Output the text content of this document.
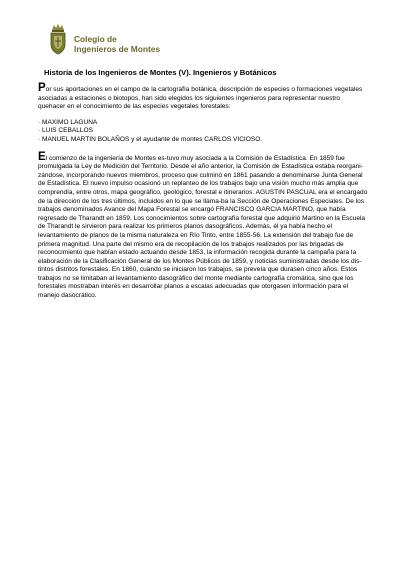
Colegio de
Ingenieros de Montes
Historia de los Ingenieros de Montes (V). Ingenieros y Botánicos

Por sus aportaciones en el campo de la cartografía botánica, descripción de especies o formaciones vegetales asociadas a estaciones o biotopos, han sido elegidos los siguientes ingenieros para representar nuestro quehacer en el conocimiento de las especies vegetales forestales:

· MAXIMO LAGUNA
· LUIS CEBALLOS
· MANUEL MARTIN BOLAÑOS y el ayudante de montes CARLOS VICIOSO.

El comienzo de la ingeniería de Montes es-tuvo muy asociada a la Comisión de Estadística. En 1859 fue promulgada la Ley de Medición del Territorio. Desde el año anterior, la Comisión de Estadística estaba reorgani-zándose, incorporando nuevos miembros, proceso que culminó en 1861 pasando a denominarse Junta General de Estadística. El nuevo impulso ocasionó un replanteo de los trabajos bajo una visión mucho más amplia que comprendía, entre otros, mapa geográfico, geológico, forestal e itinerarios. AGUSTIN PASCUAL era el encargado de la dirección de los tres últimos, incluidos en lo que se llama-ba la Sección de Operaciones Especiales. De los trabajos denominados Avance del Mapa Forestal se encargó FRANCISCO GARCIA MARTINO, que había regresado de Tharandt en 1859. Los conocimientos sobre cartografía forestal que adquirió Martino en la Escuela de Tharandt le sirvieron para realizar los primeros planos dasográficos. Además, él ya había hecho el levantamiento de planos de la misma naturaleza en Río Tinto, entre 1855-56. La extensión del trabajo fue de primera magnitud. Una parte del mismo era de recopilación de los trabajos realizados por las brigadas de reconocimiento que habían estado actuando desde 1853, la información recogida durante la campaña para la elaboración de la Clasificación General de los Montes Públicos de 1859, y noticias suministradas desde los dis-tintos distritos forestales. En 1860, cuando se iniciaron los trabajos, se preveía que durasen cinco años. Estos trabajos no se limitaban al levantamiento dasográfico del monte mediante cartografía cromática, sino que los forestales mostraban interés en desarrollar planos a escalas adecuadas que otorgasen información para el manejo dasocrático.
